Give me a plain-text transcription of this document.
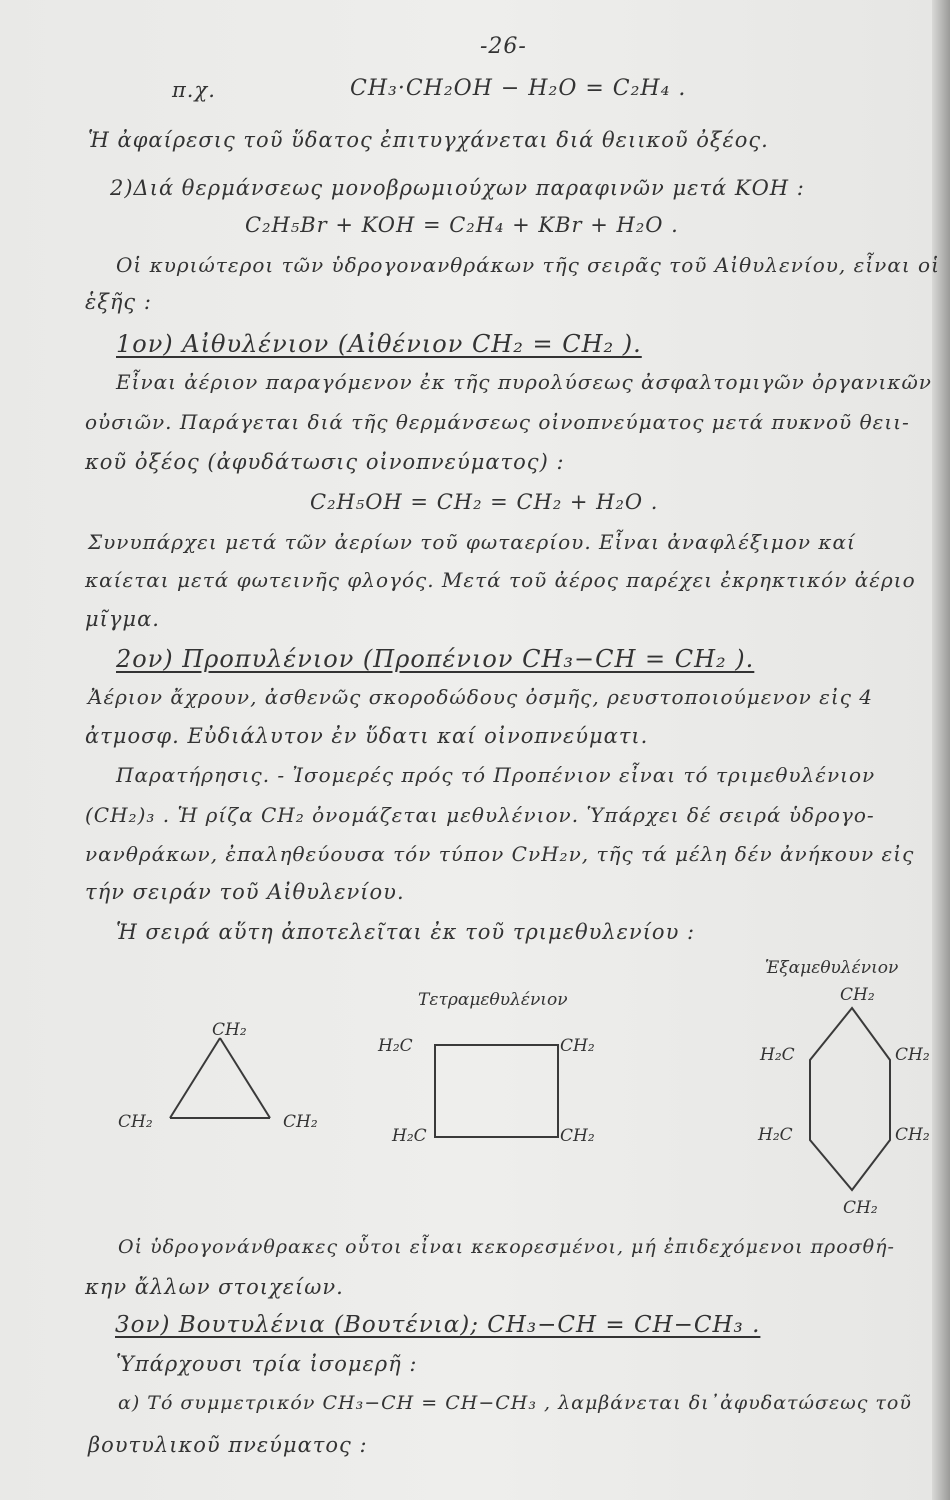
-26-
π.χ.	CH₃·CH₂OH − H₂O = C₂H₄ .
Ἡ ἀφαίρεσις τοῦ ὕδατος ἐπιτυγχάνεται διά θειικοῦ ὀξέος.
2)Διά θερμάνσεως μονοβρωμιούχων παραφινῶν μετά ΚΟΗ :
C₂H₅Br + KOH = C₂H₄ + KBr + H₂O .
Οἱ κυριώτεροι τῶν ὑδρογονανθράκων τῆς σειρᾶς τοῦ Αἰθυλενίου, εἶναι οἱ
ἑξῆς :
1ον) Αἰθυλένιον (Αἰθένιον CH₂ = CH₂ ).
Εἶναι ἀέριον παραγόμενον ἐκ τῆς πυρολύσεως ἀσφαλτομιγῶν ὀργανικῶν
οὐσιῶν. Παράγεται διά τῆς θερμάνσεως οἰνοπνεύματος μετά πυκνοῦ θειι-
κοῦ ὀξέος (ἀφυδάτωσις οἰνοπνεύματος) :
C₂H₅OH = CH₂ = CH₂ + H₂O .
Συνυπάρχει μετά τῶν ἀερίων τοῦ φωταερίου. Εἶναι ἀναφλέξιμον καί
καίεται μετά φωτεινῆς φλογός. Μετά τοῦ ἀέρος παρέχει ἐκρηκτικόν ἀέριο
μῖγμα.
2ον) Προπυλένιον (Προπένιον CH₃−CH = CH₂ ).
Ἀέριον ἄχρουν, ἀσθενῶς σκοροδώδους ὀσμῆς, ρευστοποιούμενον εἰς 4
ἀτμοσφ. Εὐδιάλυτον ἐν ὕδατι καί οἰνοπνεύματι.
Παρατήρησις. - Ἰσομερές πρός τό Προπένιον εἶναι τό τριμεθυλένιον
(CH₂)₃ . Ἡ ρίζα CH₂ ὀνομάζεται μεθυλένιον. Ὑπάρχει δέ σειρά ὑδρογο-
νανθράκων, ἐπαληθεύουσα τόν τύπον CνH₂ν, τῆς τά μέλη δέν ἀνήκουν εἰς
τήν σειράν τοῦ Αἰθυλενίου.
Ἡ σειρά αὕτη ἀποτελεῖται ἐκ τοῦ τριμεθυλενίου :
CH₂
CH₂	CH₂
Τετραμεθυλένιον
H₂C	CH₂
H₂C	CH₂
Ἑξαμεθυλένιον
CH₂
H₂C	CH₂
H₂C	CH₂
CH₂
Οἱ ὑδρογονάνθρακες οὗτοι εἶναι κεκορεσμένοι, μή ἐπιδεχόμενοι προσθή-
κην ἄλλων στοιχείων.
3ον) Βουτυλένια (Βουτένια); CH₃−CH = CH−CH₃ .
Ὑπάρχουσι τρία ἰσομερῆ :
α) Τό συμμετρικόν CH₃−CH = CH−CH₃ , λαμβάνεται δι᾽ἀφυδατώσεως τοῦ
βουτυλικοῦ πνεύματος :
